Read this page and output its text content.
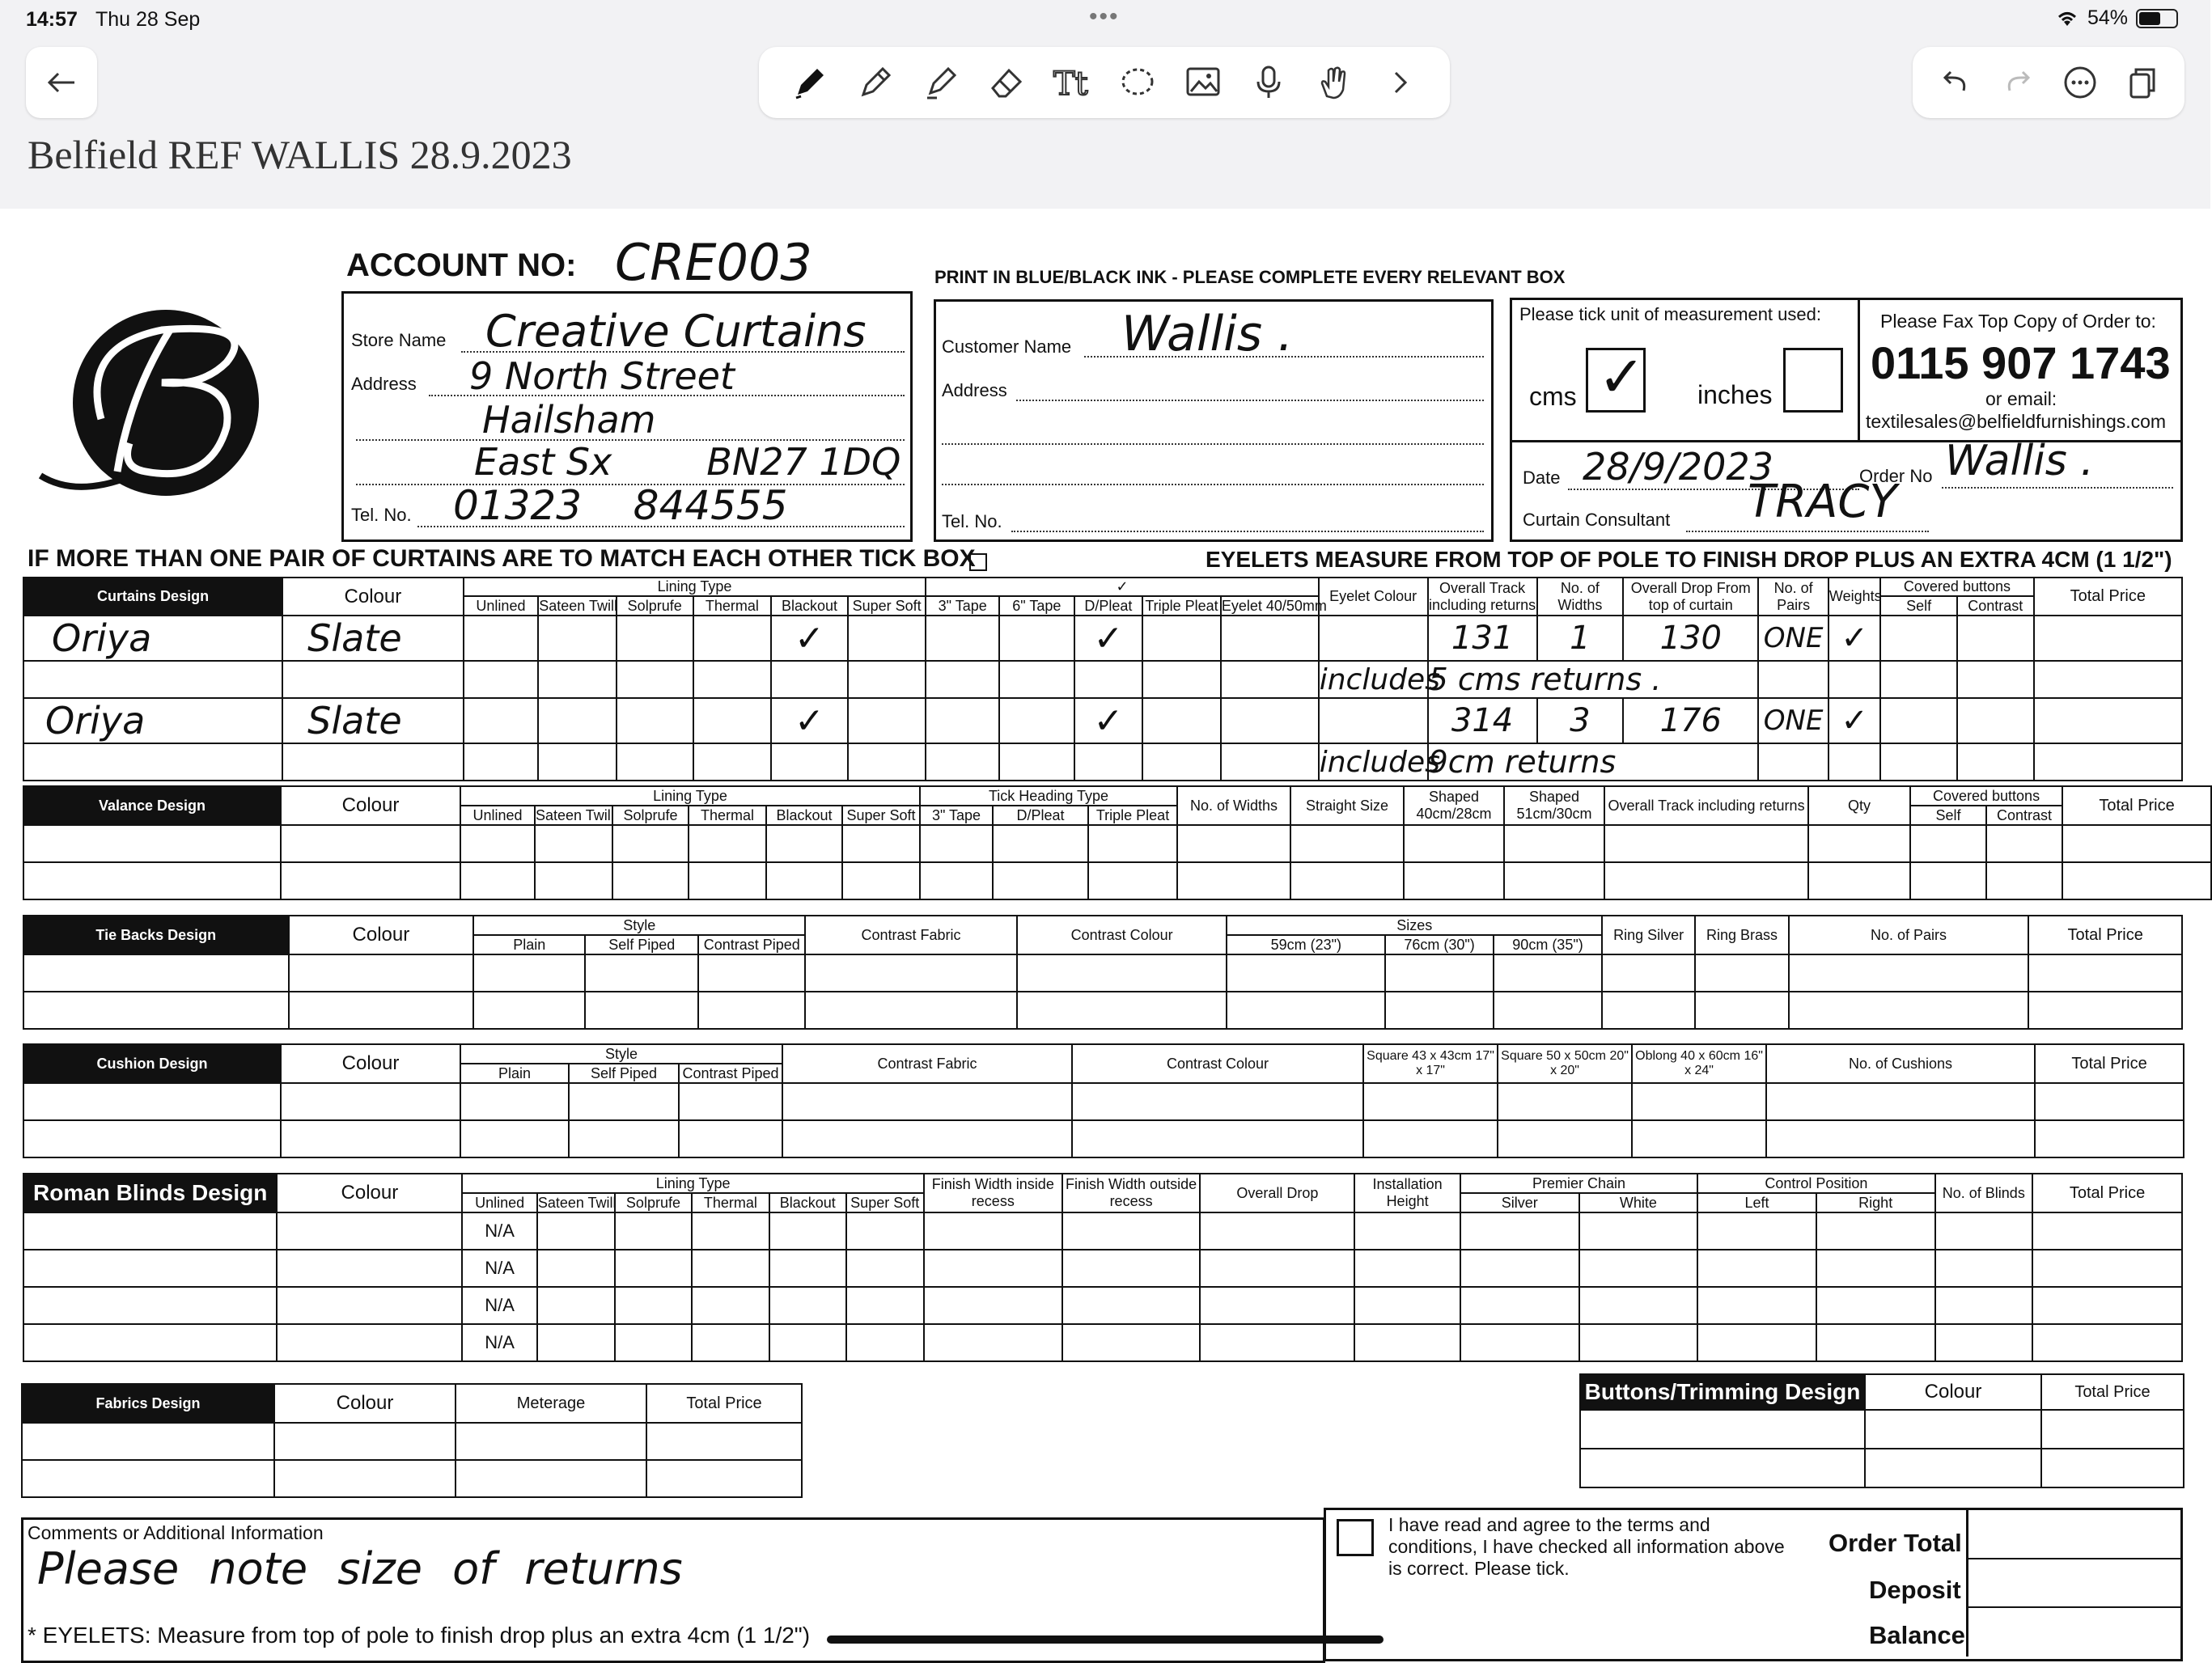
14:57 Thu 28 Sep	•••	54%
Tt
Belfield REF WALLIS 28.9.2023
ACCOUNT NO: CRE003	PRINT IN BLUE/BLACK INK - PLEASE COMPLETE EVERY RELEVANT BOX
Store Name Creative Curtains
Address 9 North Street
Hailsham
East Sx        BN27 1DQ
Tel. No. 01323    844555
Customer Name Wallis .
Address
Tel. No.
Please tick unit of measurement used:
cms ✓ inches
Please Fax Top Copy of Order to:
0115 907 1743
or email:
textilesales@belfieldfurnishings.com
Date 28/9/2023	Order No Wallis .
Curtain Consultant TRACY
IF MORE THAN ONE PAIR OF CURTAINS ARE TO MATCH EACH OTHER TICK BOX	EYELETS MEASURE FROM TOP OF POLE TO FINISH DROP PLUS AN EXTRA 4CM (1 1/2")
Curtains Design	Colour	Lining Type						✓					Eyelet Colour	Overall Track including returns	No. of Widths	Overall Drop From top of curtain	No. of Pairs	Weights	Covered buttons		Total Price
		Unlined	Sateen Twill	Solprufe	Thermal	Blackout	Super Soft	3" Tape	6" Tape	D/Pleat	Triple Pleat	Eyelet 40/50mm							Self	Contrast	
Oriya	Slate					✓				✓				131	1	130	ONE	✓			
													includes	5 cms returns .							
Oriya	Slate					✓				✓				314	3	176	ONE	✓			
													includes	9cm returns							
Valance Design	Colour	Lining Type						Tick Heading Type			No. of Widths	Straight Size	Shaped 40cm/28cm	Shaped 51cm/30cm	Overall Track including returns	Qty	Covered buttons		Total Price
		Unlined	Sateen Twill	Solprufe	Thermal	Blackout	Super Soft	3" Tape	D/Pleat	Triple Pleat							Self	Contrast	

Tie Backs Design	Colour	Style			Contrast Fabric	Contrast Colour	Sizes			Ring Silver	Ring Brass	No. of Pairs	Total Price
		Plain	Self Piped	Contrast Piped			59cm (23")	76cm (30")	90cm (35")				

Cushion Design	Colour	Style			Contrast Fabric	Contrast Colour	Square 43 x 43cm 17" x 17"	Square 50 x 50cm 20" x 20"	Oblong 40 x 60cm 16" x 24"	No. of Cushions	Total Price
		Plain	Self Piped	Contrast Piped							

Roman Blinds Design	Colour	Lining Type						Finish Width inside recess	Finish Width outside recess	Overall Drop	Installation Height	Premier Chain		Control Position		No. of Blinds	Total Price
		Unlined	Sateen Twill	Solprufe	Thermal	Blackout	Super Soft					Silver	White	Left	Right		
		N/A															
		N/A															
		N/A															
		N/A															
Fabrics Design	Colour	Meterage	Total Price

				Buttons/Trimming Design	Colour	Total Price

Comments or Additional Information
Please note size of returns
* EYELETS: Measure from top of pole to finish drop plus an extra 4cm (1 1/2")
I have read and agree to the terms and conditions, I have checked all information above is correct. Please tick.
Order Total
Deposit
Balance
